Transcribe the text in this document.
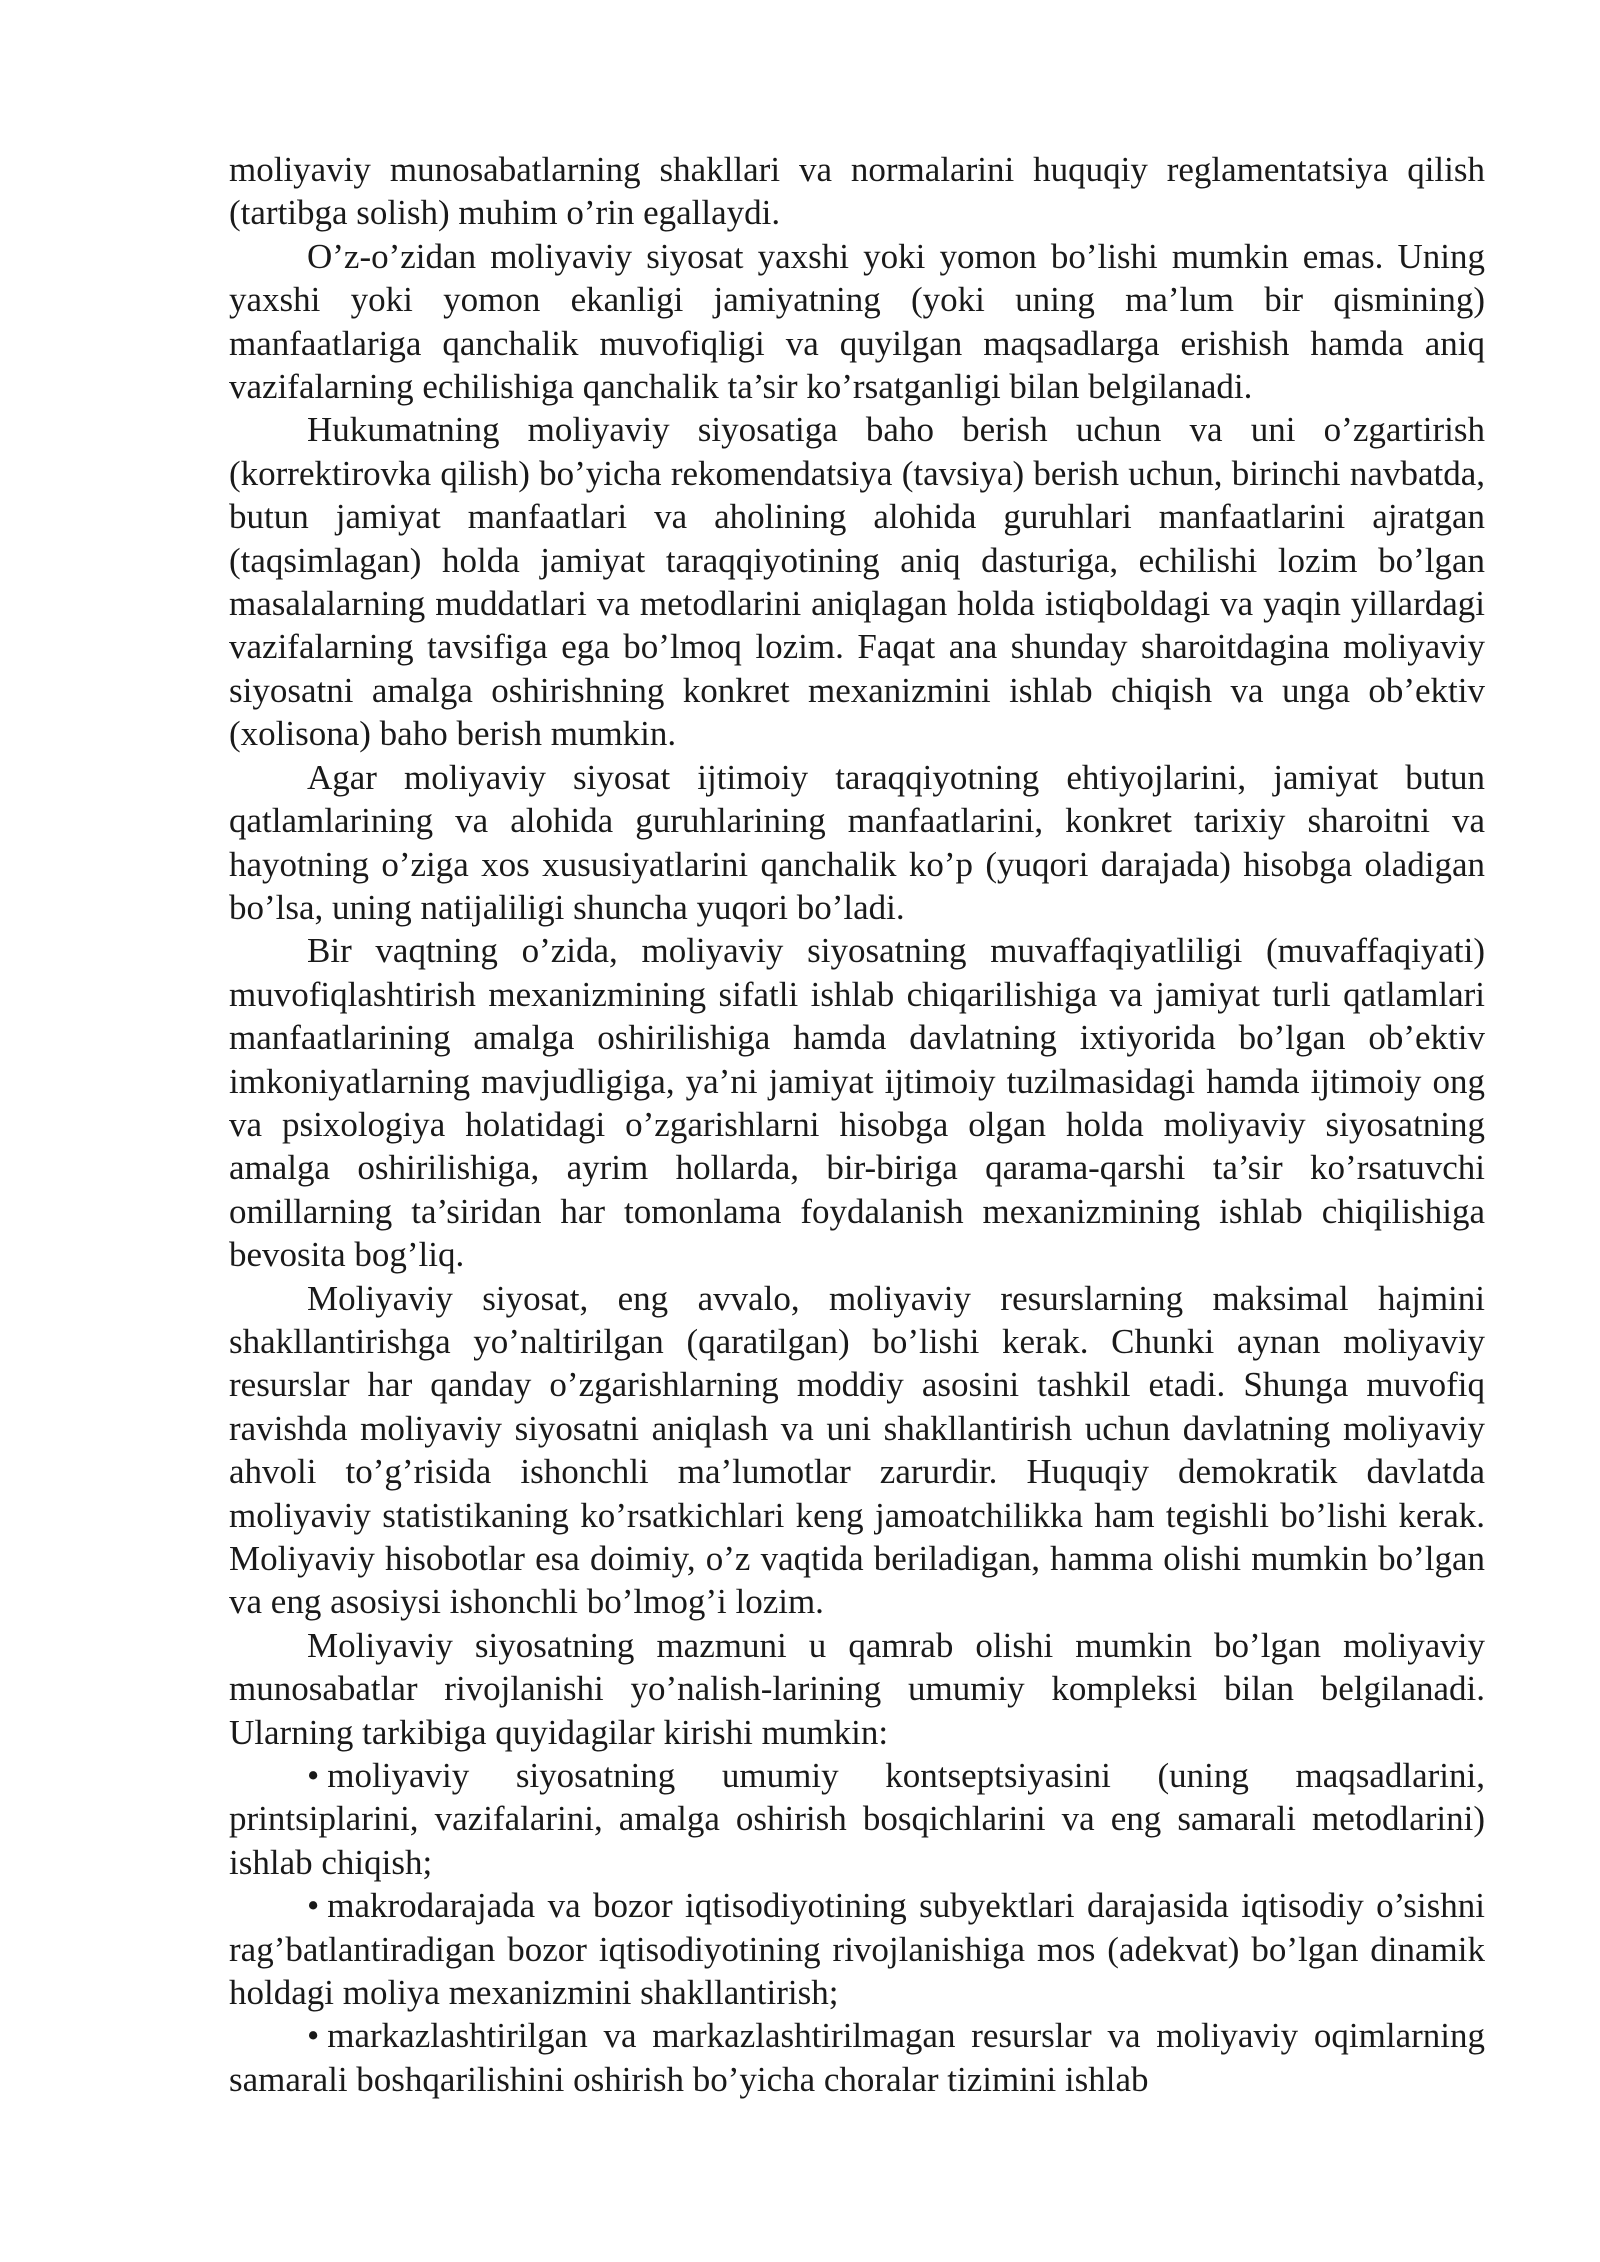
moliyaviy munosabatlarning shakllari va normalarini huquqiy reglamentatsiya qilish (tartibga solish) muhim o’rin egallaydi.

O’z-o’zidan moliyaviy siyosat yaxshi yoki yomon bo’lishi mumkin emas. Uning yaxshi yoki yomon ekanligi jamiyatning (yoki uning ma’lum bir qismining) manfaatlariga qanchalik muvofiqligi va quyilgan maqsadlarga erishish hamda aniq vazifalarning echilishiga qanchalik ta’sir ko’rsatganligi bilan belgilanadi.

Hukumatning moliyaviy siyosatiga baho berish uchun va uni o’zgartirish (korrektirovka qilish) bo’yicha rekomendatsiya (tavsiya) berish uchun, birinchi navbatda, butun jamiyat manfaatlari va aholining alohida guruhlari manfaatlarini ajratgan (taqsimlagan) holda jamiyat taraqqiyotining aniq dasturiga, echilishi lozim bo’lgan masalalarning muddatlari va metodlarini aniqlagan holda istiqboldagi va yaqin yillardagi vazifalarning tavsifiga ega bo’lmoq lozim. Faqat ana shunday sharoitdagina moliyaviy siyosatni amalga oshirishning konkret mexanizmini ishlab chiqish va unga ob’ektiv (xolisona) baho berish mumkin.

Agar moliyaviy siyosat ijtimoiy taraqqiyotning ehtiyojlarini, jamiyat butun qatlamlarining va alohida guruhlarining manfaatlarini, konkret tarixiy sharoitni va hayotning o’ziga xos xususiyatlarini qanchalik ko’p (yuqori darajada) hisobga oladigan bo’lsa, uning natijaliligi shuncha yuqori bo’ladi.

Bir vaqtning o’zida, moliyaviy siyosatning muvaffaqiyatliligi (muvaffaqiyati) muvofiqlashtirish mexanizmining sifatli ishlab chiqarilishiga va jamiyat turli qatlamlari manfaatlarining amalga oshirilishiga hamda davlatning ixtiyorida bo’lgan ob’ektiv imkoniyatlarning mavjudligiga, ya’ni jamiyat ijtimoiy tuzilmasidagi hamda ijtimoiy ong va psixologiya holatidagi o’zgarishlarni hisobga olgan holda moliyaviy siyosatning amalga oshirilishiga, ayrim hollarda, bir-biriga qarama-qarshi ta’sir ko’rsatuvchi omillarning ta’siridan har tomonlama foydalanish mexanizmining ishlab chiqilishiga bevosita bog’liq.

Moliyaviy siyosat, eng avvalo, moliyaviy resurslarning maksimal hajmini shakllantirishga yo’naltirilgan (qaratilgan) bo’lishi kerak. Chunki aynan moliyaviy resurslar har qanday o’zgarishlarning moddiy asosini tashkil etadi. Shunga muvofiq ravishda moliyaviy siyosatni aniqlash va uni shakllantirish uchun davlatning moliyaviy ahvoli to’g’risida ishonchli ma’lumotlar zarurdir. Huquqiy demokratik davlatda moliyaviy statistikaning ko’rsatkichlari keng jamoatchilikka ham tegishli bo’lishi kerak. Moliyaviy hisobotlar esa doimiy, o’z vaqtida beriladigan, hamma olishi mumkin bo’lgan va eng asosiysi ishonchli bo’lmog’i lozim.

Moliyaviy siyosatning mazmuni u qamrab olishi mumkin bo’lgan moliyaviy munosabatlar rivojlanishi yo’nalish-larining umumiy kompleksi bilan belgilanadi. Ularning tarkibiga quyidagilar kirishi mumkin:

• moliyaviy siyosatning umumiy kontseptsiyasini (uning maqsadlarini, printsiplarini, vazifalarini, amalga oshirish bosqichlarini va eng samarali metodlarini) ishlab chiqish;

• makrodarajada va bozor iqtisodiyotining subyektlari darajasida iqtisodiy o’sishni rag’batlantiradigan bozor iqtisodiyotining rivojlanishiga mos (adekvat) bo’lgan dinamik holdagi moliya mexanizmini shakllantirish;

• markazlashtirilgan va markazlashtirilmagan resurslar va moliyaviy oqimlarning samarali boshqarilishini oshirish bo’yicha choralar tizimini ishlab
